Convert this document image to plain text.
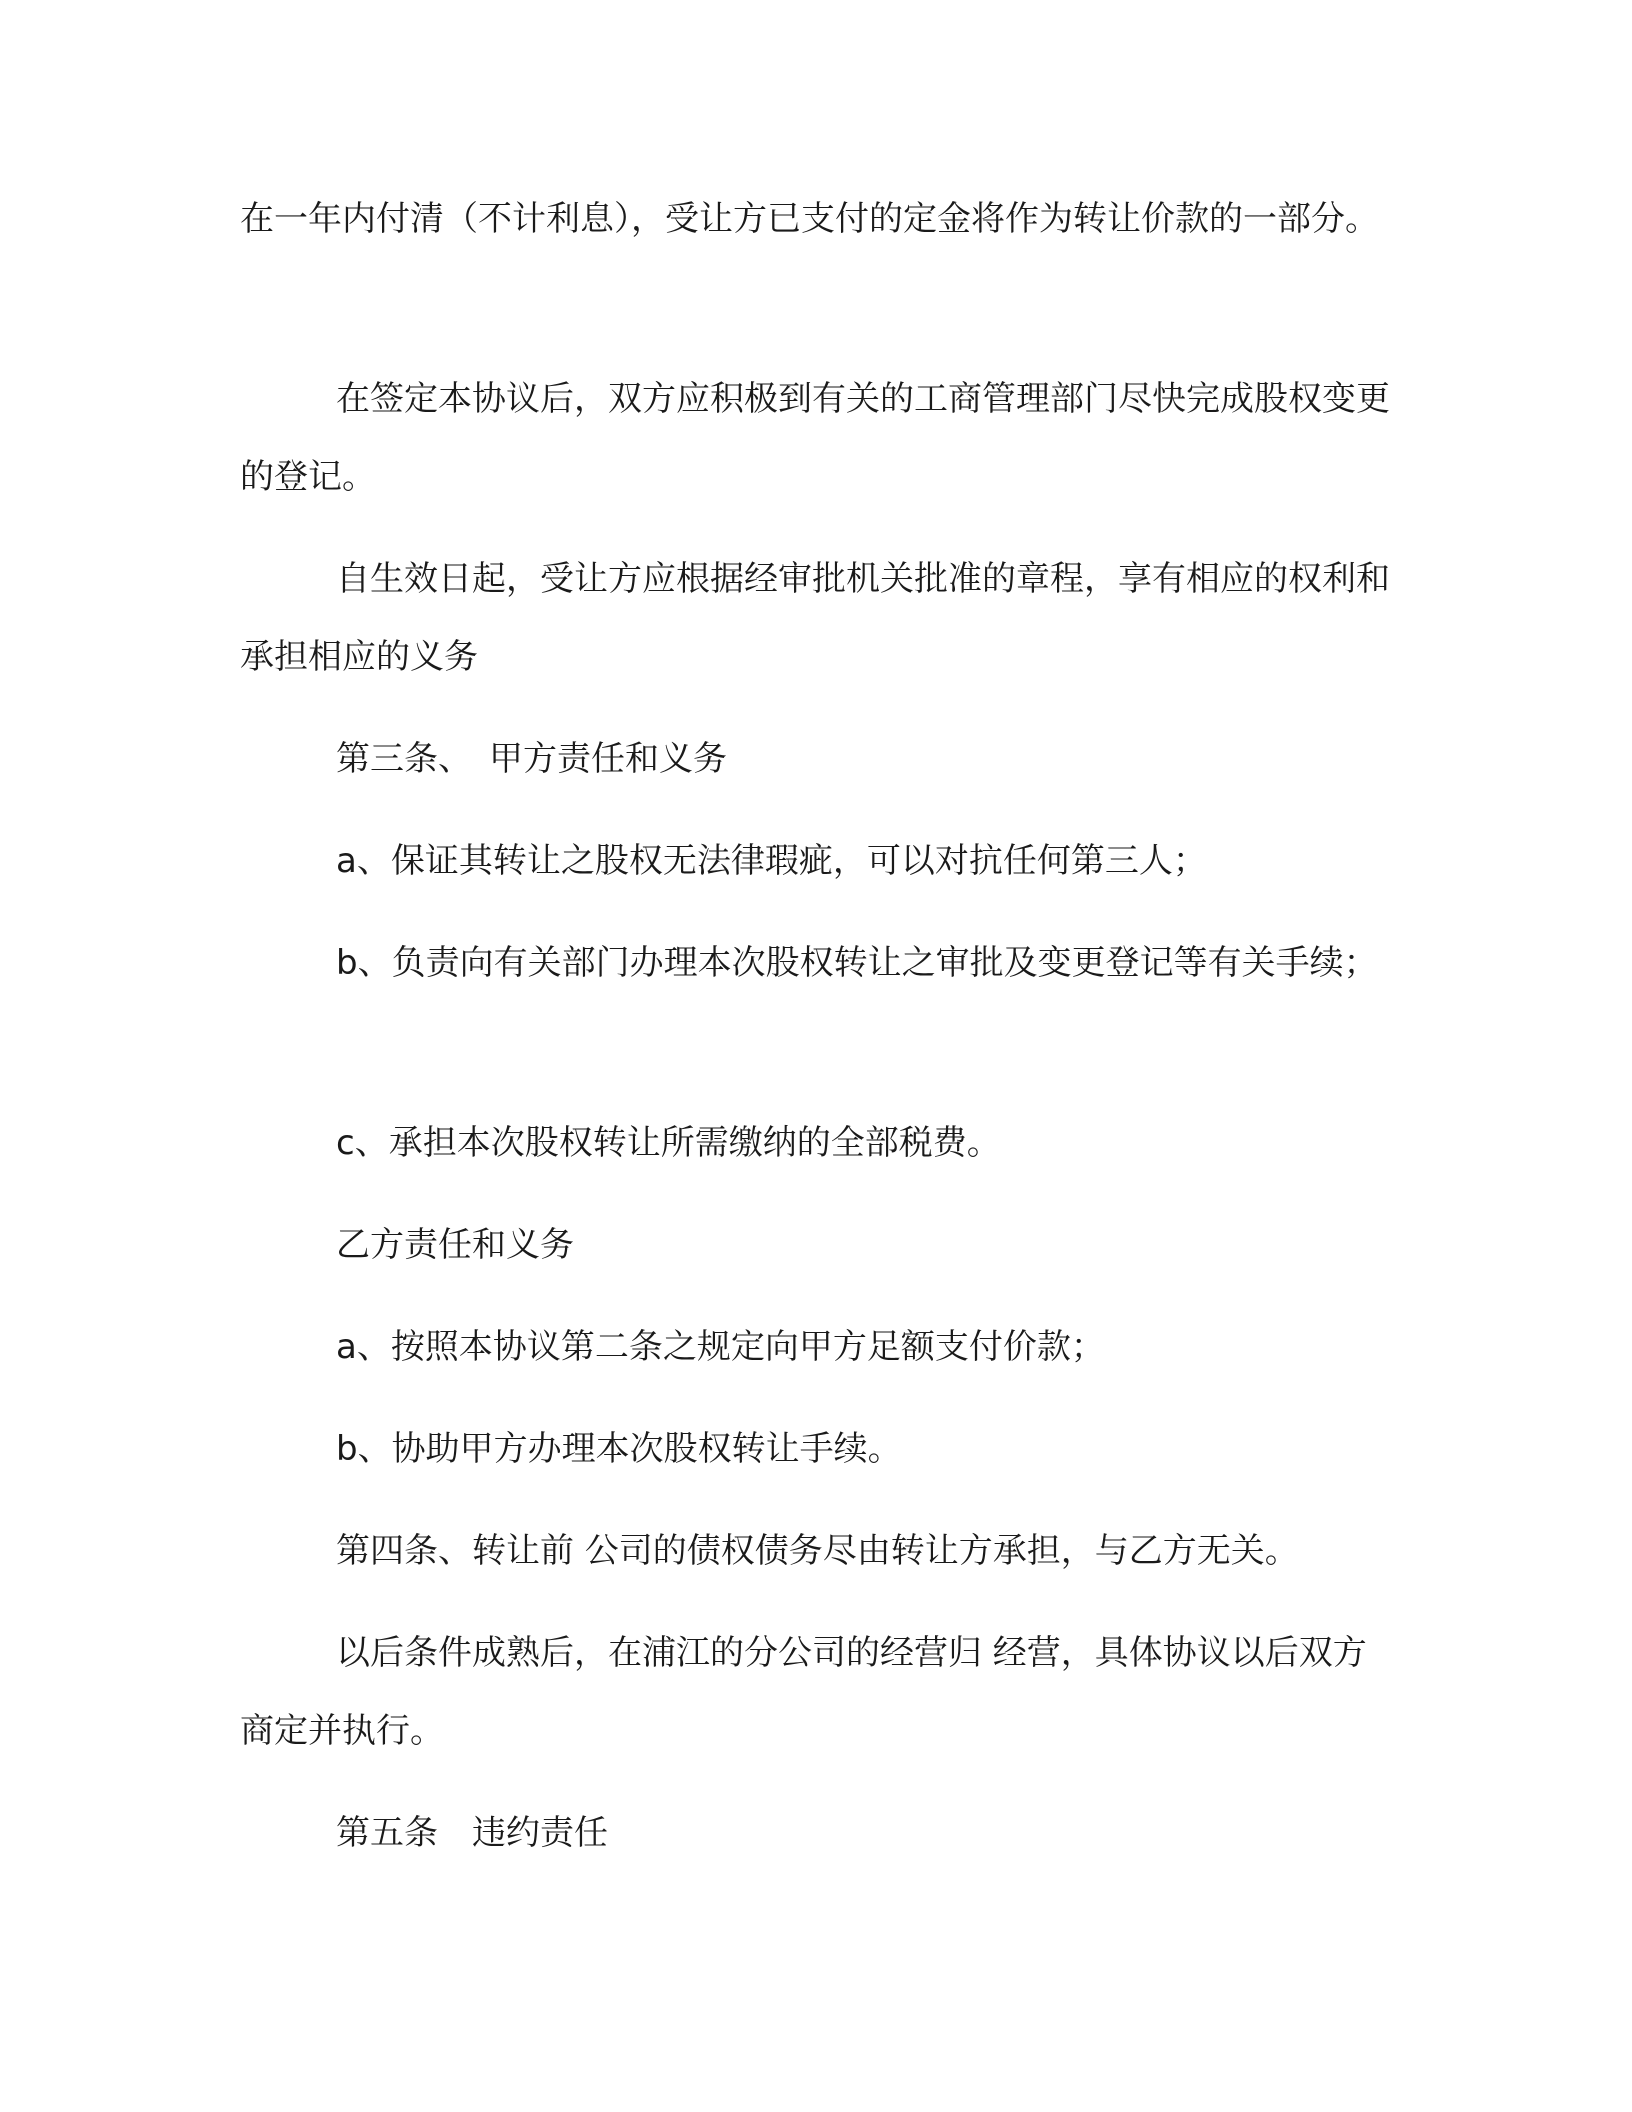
在一年内付清（不计利息），受让方已支付的定金将作为转让价款的一部分。

在签定本协议后，双方应积极到有关的工商管理部门尽快完成股权变更的登记。

自生效日起，受让方应根据经审批机关批准的章程，享有相应的权利和承担相应的义务

第三条、　甲方责任和义务

a、保证其转让之股权无法律瑕疵，可以对抗任何第三人；

b、负责向有关部门办理本次股权转让之审批及变更登记等有关手续；

c、承担本次股权转让所需缴纳的全部税费。

乙方责任和义务

a、按照本协议第二条之规定向甲方足额支付价款；

b、协助甲方办理本次股权转让手续。

第四条、转让前 公司的债权债务尽由转让方承担，与乙方无关。

以后条件成熟后，在浦江的分公司的经营归 经营，具体协议以后双方商定并执行。

第五条　违约责任
